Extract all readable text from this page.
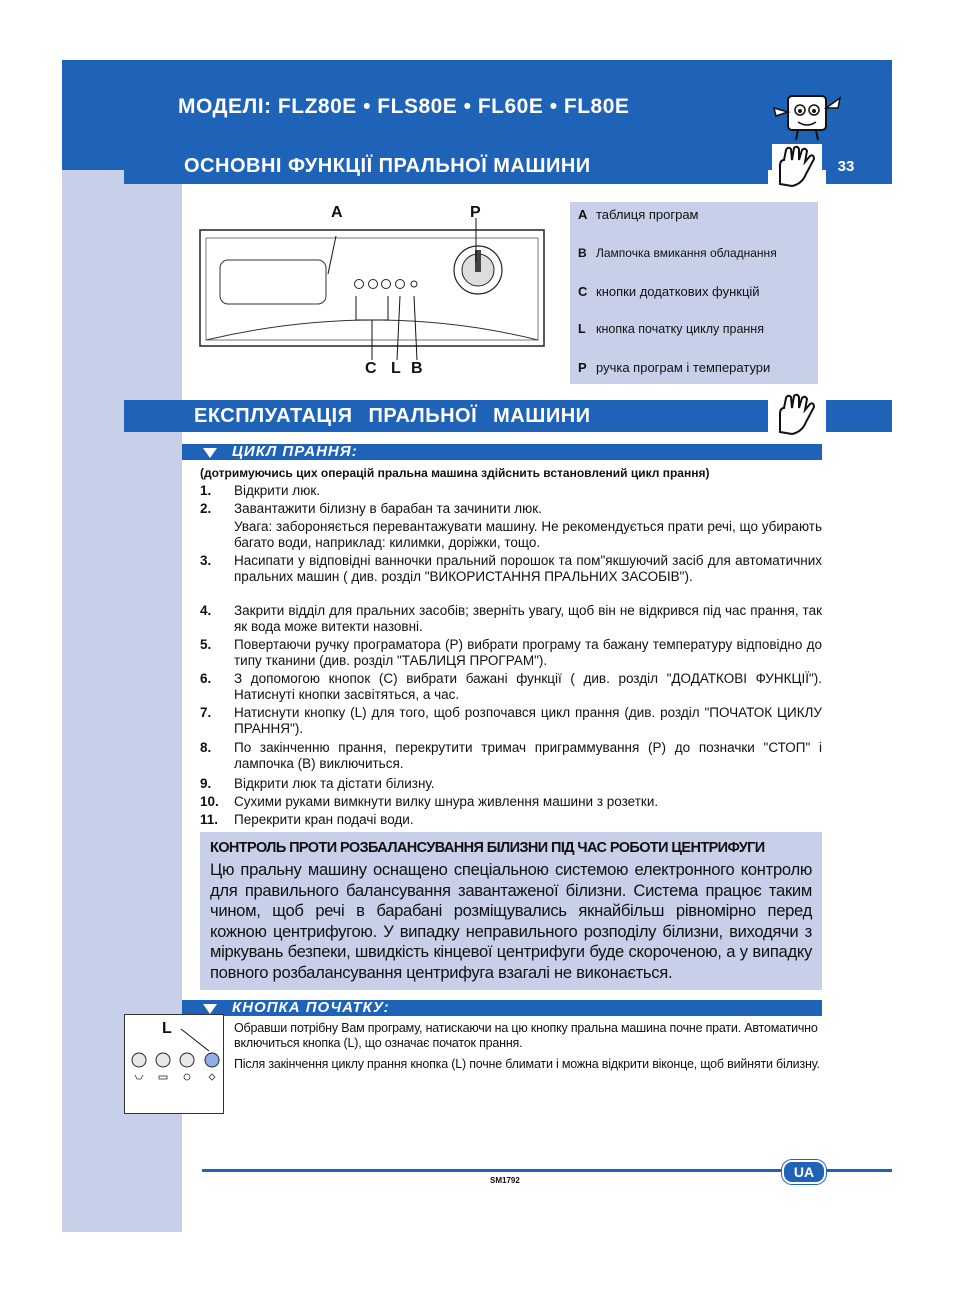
МОДЕЛІ: FLZ80E • FLS80E • FL60E • FL80E
ОСНОВНІ ФУНКЦІЇ ПРАЛЬНОЇ МАШИНИ	33
A	P
C L B
A таблиця програм
B Лампочка вмикання обладнання
C кнопки додаткових функцій
L кнопка початку циклу прання
P ручка програм і температури
ЕКСПЛУАТАЦІЯ ПРАЛЬНОЇ МАШИНИ
ЦИКЛ ПРАННЯ:
(дотримуючись цих операцій пральна машина здійснить встановлений цикл прання)
1. Відкрити люк.
2. Завантажити білизну в барабан та зачинити люк.
Увага: забороняється перевантажувати машину. Не рекомендується прати речі, що убирають багато води, наприклад: килимки, доріжки, тощо.
3. Насипати у відповідні ванночки пральний порошок та пом"якшуючий засіб для автоматичних пральних машин ( див. розділ "ВИКОРИСТАННЯ ПРАЛЬНИХ ЗАСОБІВ").
4. Закрити відділ для пральних засобів; зверніть увагу, щоб він не відкрився під час прання, так як вода може витекти назовні.
5. Повертаючи ручку програматора (P) вибрати програму та бажану температуру відповідно до типу тканини (див. розділ "ТАБЛИЦЯ ПРОГРАМ").
6. З допомогою кнопок (C) вибрати бажані функції ( див. розділ "ДОДАТКОВІ ФУНКЦІЇ"). Натиснуті кнопки засвітяться, а час.
7. Натиснути кнопку (L) для того, щоб розпочався цикл прання (див. розділ "ПОЧАТОК ЦИКЛУ ПРАННЯ").
8. По закінченню прання, перекрутити тримач приграммування (P) до позначки "СТОП" і лампочка (B) виключиться.
9. Відкрити люк та дістати білизну.
10. Сухими руками вимкнути вилку шнура живлення машини з розетки.
11. Перекрити кран подачі води.
КОНТРОЛЬ ПРОТИ РОЗБАЛАНСУВАННЯ БІЛИЗНИ ПІД ЧАС РОБОТИ ЦЕНТРИФУГИ
Цю пральну машину оснащено спеціальною системою електронного контролю для правильного балансування завантаженої білизни. Система працює таким чином, щоб речі в барабані розміщувались якнайбільш рівномірно перед кожною центрифугою. У випадку неправильного розподілу білизни, виходячи з міркувань безпеки, швидкість кінцевої центрифуги буде скороченою, а у випадку повного розбалансування центрифуга взагалі не виконається.
КНОПКА ПОЧАТКУ:
L	Обравши потрібну Вам програму, натискаючи на цю кнопку пральна машина почне прати. Автоматично включиться кнопка (L), що означає початок прання.
Після закінчення циклу прання кнопка (L) почне блимати і можна відкрити віконце, щоб вийняти білизну.
UA
SM1792
